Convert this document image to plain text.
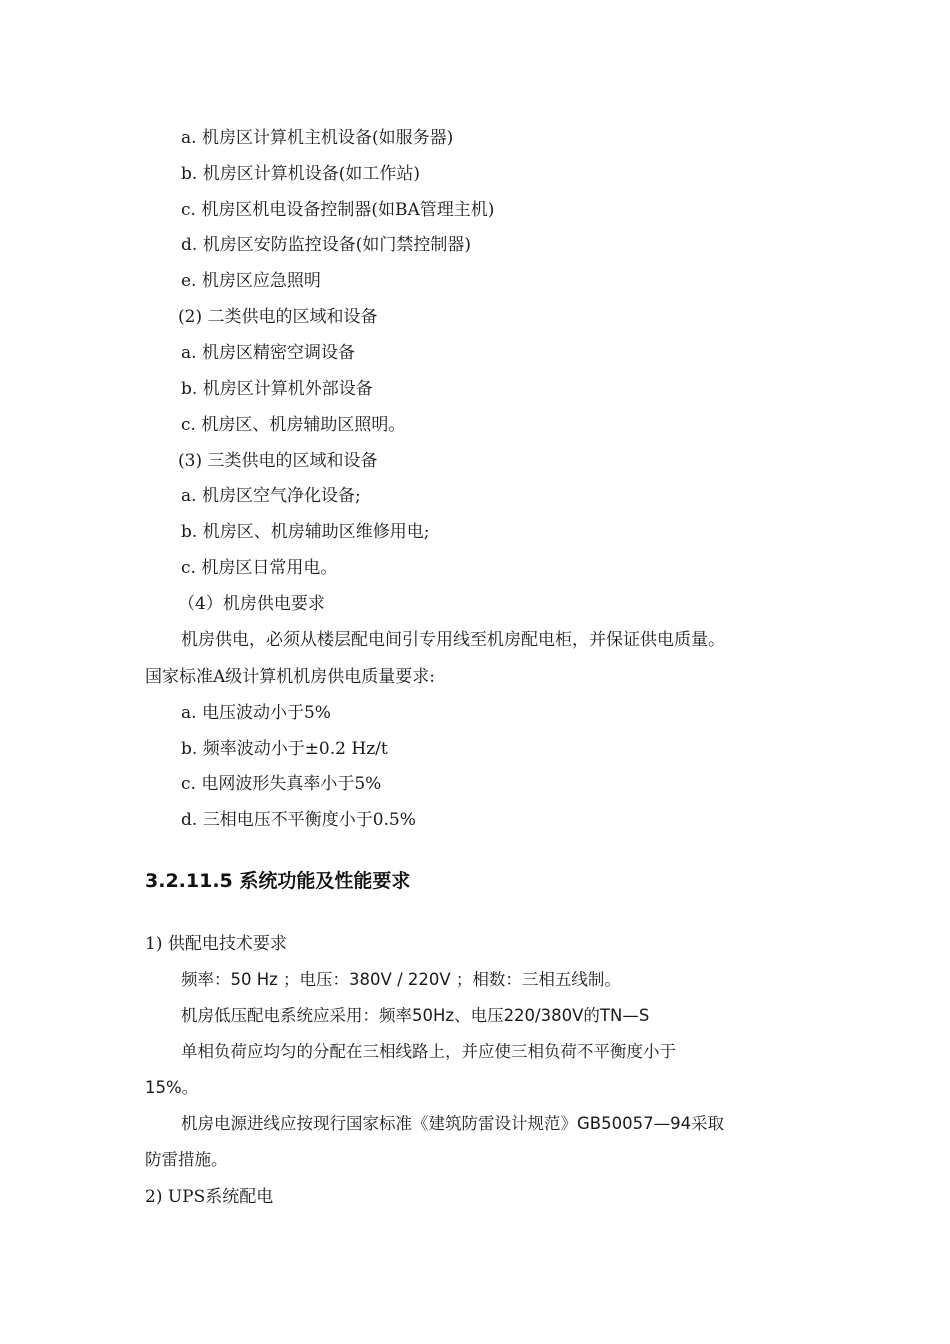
a. 机房区计算机主机设备(如服务器)
b. 机房区计算机设备(如工作站)
c. 机房区机电设备控制器(如BA管理主机)
d. 机房区安防监控设备(如门禁控制器)
e. 机房区应急照明
(2) 二类供电的区域和设备
a. 机房区精密空调设备
b. 机房区计算机外部设备
c. 机房区、机房辅助区照明。
(3) 三类供电的区域和设备
a. 机房区空气净化设备;
b. 机房区、机房辅助区维修用电;
c. 机房区日常用电。
（4）机房供电要求
机房供电，必须从楼层配电间引专用线至机房配电柜，并保证供电质量。
国家标准A级计算机机房供电质量要求:
a. 电压波动小于5%
b. 频率波动小于±0.2 Hz/t
c. 电网波形失真率小于5%
d. 三相电压不平衡度小于0.5%
3.2.11.5 系统功能及性能要求
1) 供配电技术要求
频率：50 Hz ；电压：380V / 220V ；相数：三相五线制。
机房低压配电系统应采用：频率50Hz、电压220/380V的TN—S
单相负荷应均匀的分配在三相线路上，并应使三相负荷不平衡度小于
15%。
机房电源进线应按现行国家标准《建筑防雷设计规范》GB50057—94采取
防雷措施。
2) UPS系统配电
